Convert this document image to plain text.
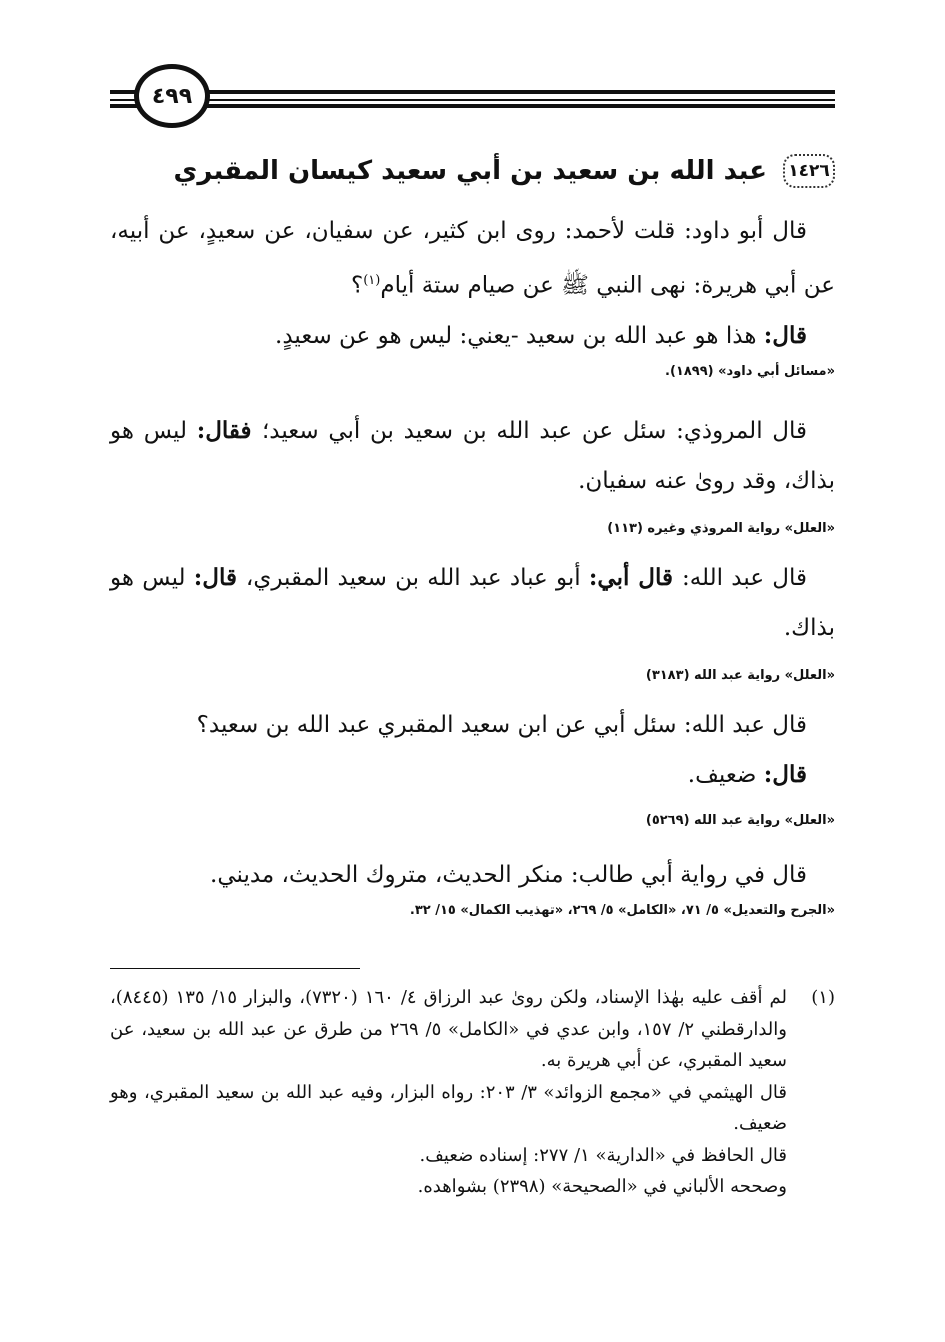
٤٩٩
١٤٢٦
عبد الله بن سعيد بن أبي سعيد كيسان المقبري

قال أبو داود: قلت لأحمد: روى ابن كثير، عن سفيان، عن سعيدٍ، عن أبيه، عن أبي هريرة: نهى النبي ﷺ عن صيام ستة أيام$^{(١)}$؟

قال: هذا هو عبد الله بن سعيد -يعني: ليس هو عن سعيدٍ.

«مسائل أبي داود» (١٨٩٩).

قال المروذي: سئل عن عبد الله بن سعيد بن أبي سعيد؛ فقال: ليس هو بذاك، وقد رویٰ عنه سفيان.

«العلل» رواية المروذي وغيره (١١٣)

قال عبد الله: قال أبي: أبو عباد عبد الله بن سعيد المقبري، قال: ليس هو بذاك.

«العلل» رواية عبد الله (٣١٨٣)

قال عبد الله: سئل أبي عن ابن سعيد المقبري عبد الله بن سعيد؟

قال: ضعيف.

«العلل» رواية عبد الله (٥٢٦٩)

قال في رواية أبي طالب: منكر الحديث، متروك الحديث، مدیني.

«الجرح والتعديل» ٥/ ٧١، «الكامل» ٥/ ٢٦٩، «تهذيب الكمال» ١٥/ ٣٢.

(١)

لم أقف عليه بهٰذا الإسناد، ولكن رویٰ عبد الرزاق ٤/ ١٦٠ (٧٣٢٠)، والبزار ١٥/ ١٣٥ (٨٤٤٥)، والدارقطني ٢/ ١٥٧، وابن عدي في «الكامل» ٥/ ٢٦٩ من طرق عن عبد الله بن سعيد، عن سعيد المقبري، عن أبي هريرة به.

قال الهيثمي في «مجمع الزوائد» ٣/ ٢٠٣: رواه البزار، وفيه عبد الله بن سعيد المقبري، وهو ضعيف.

قال الحافظ في «الدارية» ١/ ٢٧٧: إسناده ضعيف.

وصححه الألباني في «الصحيحة» (٢٣٩٨) بشواهده.
